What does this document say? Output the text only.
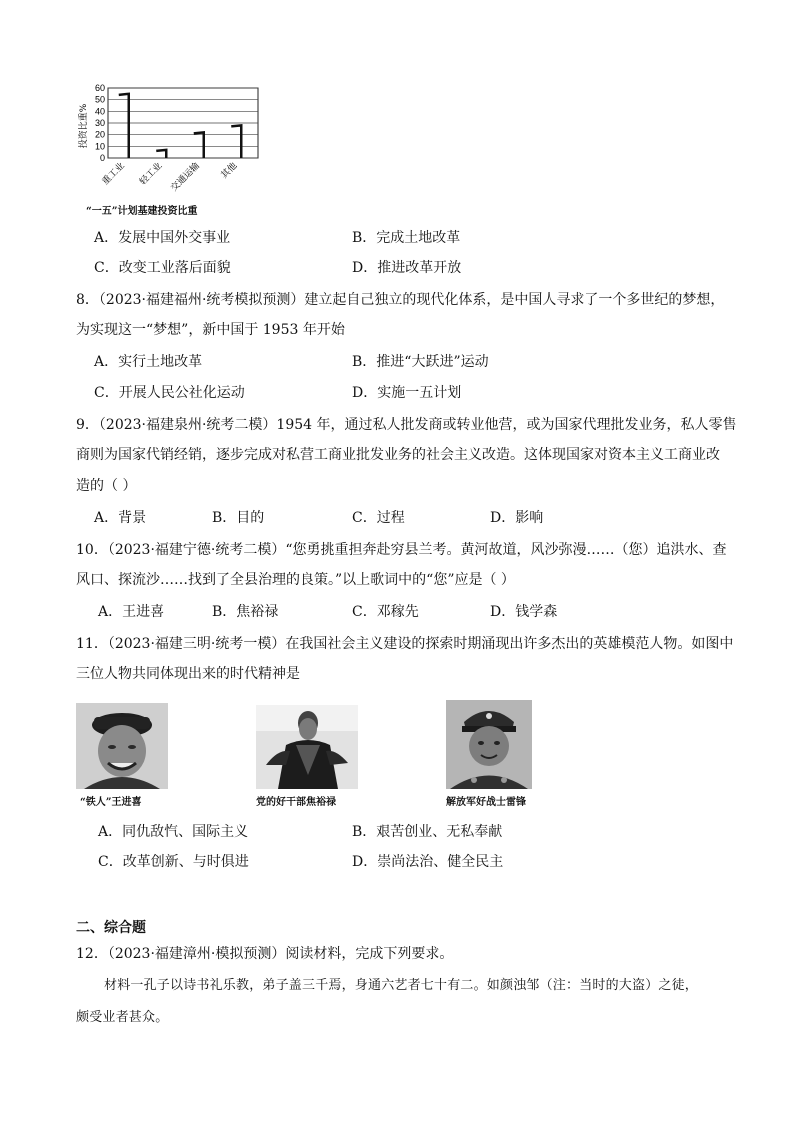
投资比重%
0
10
20
30
40
50
60
重工业 轻工业 交通运输 其他
“一五”计划基建投资比重
A．发展中国外交事业	B．完成土地改革
C．改变工业落后面貌	D．推进改革开放
8．（2023·福建福州·统考模拟预测）建立起自己独立的现代化体系，是中国人寻求了一个多世纪的梦想，
为实现这一“梦想”，新中国于 1953 年开始
A．实行土地改革	B．推进“大跃进”运动
C．开展人民公社化运动	D．实施一五计划
9．（2023·福建泉州·统考二模）1954 年，通过私人批发商或转业他营，或为国家代理批发业务，私人零售
商则为国家代销经销，逐步完成对私营工商业批发业务的社会主义改造。这体现国家对资本主义工商业改
造的（ ）
A．背景	B．目的	C．过程	D．影响
10．（2023·福建宁德·统考二模）“您勇挑重担奔赴穷县兰考。黄河故道，风沙弥漫……（您）追洪水、查
风口、探流沙……找到了全县治理的良策。”以上歌词中的“您”应是（ ）
A．王进喜	B．焦裕禄	C．邓稼先	D．钱学森
11．（2023·福建三明·统考一模）在我国社会主义建设的探索时期涌现出许多杰出的英雄模范人物。如图中
三位人物共同体现出来的时代精神是
“铁人”王进喜	党的好干部焦裕禄	解放军好战士雷锋
A．同仇敌忾、国际主义	B．艰苦创业、无私奉献
C．改革创新、与时俱进	D．崇尚法治、健全民主
二、综合题
12．（2023·福建漳州·模拟预测）阅读材料，完成下列要求。
材料一孔子以诗书礼乐教，弟子盖三千焉，身通六艺者七十有二。如颜浊邹（注：当时的大盗）之徒，
颇受业者甚众。
